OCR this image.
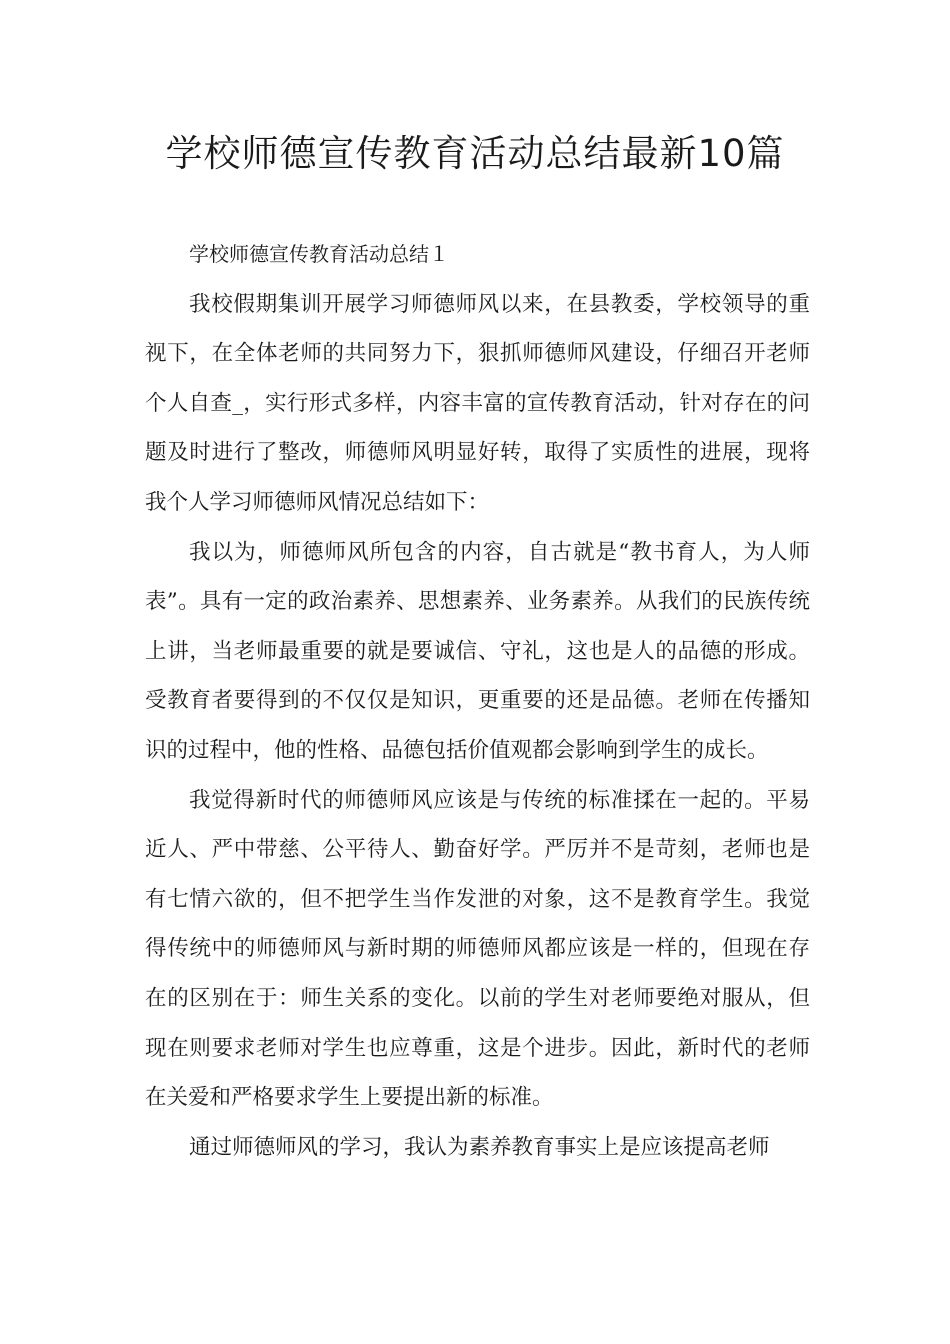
学校师德宣传教育活动总结最新10篇

学校师德宣传教育活动总结１

我校假期集训开展学习师德师风以来，在县教委，学校领导的重视下，在全体老师的共同努力下，狠抓师德师风建设，仔细召开老师个人自查_，实行形式多样，内容丰富的宣传教育活动，针对存在的问题及时进行了整改，师德师风明显好转，取得了实质性的进展，现将我个人学习师德师风情况总结如下：

我以为，师德师风所包含的内容，自古就是“教书育人，为人师表”。具有一定的政治素养、思想素养、业务素养。从我们的民族传统上讲，当老师最重要的就是要诚信、守礼，这也是人的品德的形成。受教育者要得到的不仅仅是知识，更重要的还是品德。老师在传播知识的过程中，他的性格、品德包括价值观都会影响到学生的成长。

我觉得新时代的师德师风应该是与传统的标准揉在一起的。平易近人、严中带慈、公平待人、勤奋好学。严厉并不是苛刻，老师也是有七情六欲的，但不把学生当作发泄的对象，这不是教育学生。我觉得传统中的师德师风与新时期的师德师风都应该是一样的，但现在存在的区别在于：师生关系的变化。以前的学生对老师要绝对服从，但现在则要求老师对学生也应尊重，这是个进步。因此，新时代的老师在关爱和严格要求学生上要提出新的标准。

通过师德师风的学习，我认为素养教育事实上是应该提高老师
